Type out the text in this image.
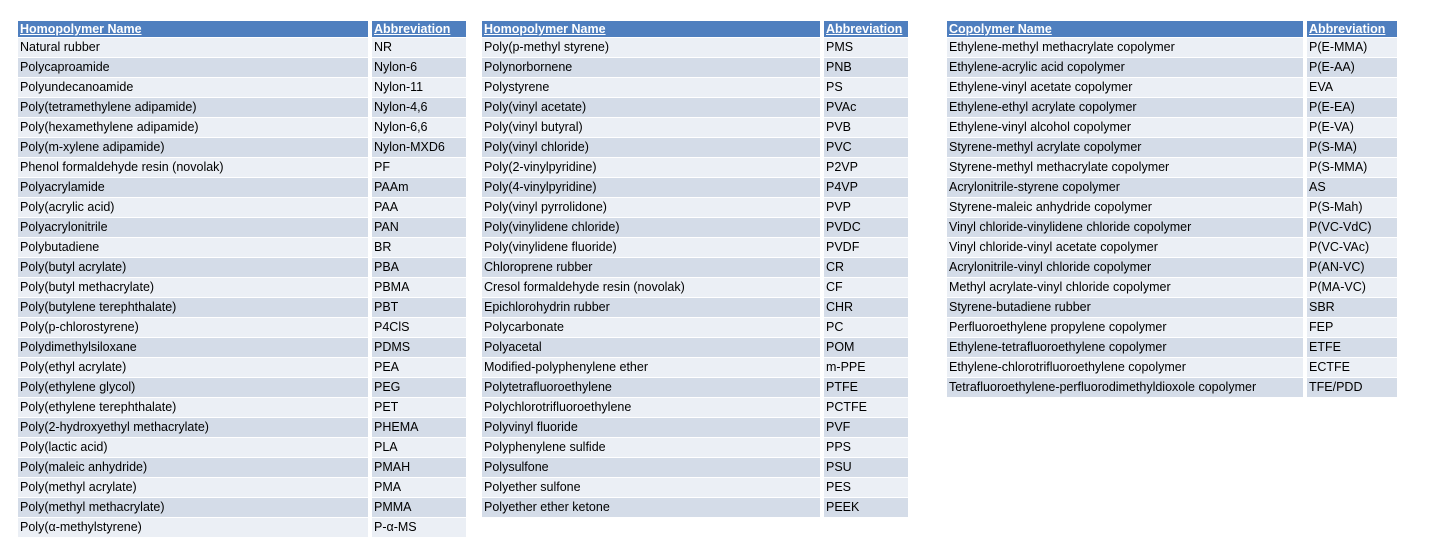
Homopolymer Name	Abbreviation
Natural rubber	NR
Polycaproamide	Nylon-6
Polyundecanoamide	Nylon-11
Poly(tetramethylene adipamide)	Nylon-4,6
Poly(hexamethylene adipamide)	Nylon-6,6
Poly(m-xylene adipamide)	Nylon-MXD6
Phenol formaldehyde resin (novolak)	PF
Polyacrylamide	PAAm
Poly(acrylic acid)	PAA
Polyacrylonitrile	PAN
Polybutadiene	BR
Poly(butyl acrylate)	PBA
Poly(butyl methacrylate)	PBMA
Poly(butylene terephthalate)	PBT
Poly(p-chlorostyrene)	P4ClS
Polydimethylsiloxane	PDMS
Poly(ethyl acrylate)	PEA
Poly(ethylene glycol)	PEG
Poly(ethylene terephthalate)	PET
Poly(2-hydroxyethyl methacrylate)	PHEMA
Poly(lactic acid)	PLA
Poly(maleic anhydride)	PMAH
Poly(methyl acrylate)	PMA
Poly(methyl methacrylate)	PMMA
Poly(α-methylstyrene)	P-α-MS
Homopolymer Name	Abbreviation
Poly(p-methyl styrene)	PMS
Polynorbornene	PNB
Polystyrene	PS
Poly(vinyl acetate)	PVAc
Poly(vinyl butyral)	PVB
Poly(vinyl chloride)	PVC
Poly(2-vinylpyridine)	P2VP
Poly(4-vinylpyridine)	P4VP
Poly(vinyl pyrrolidone)	PVP
Poly(vinylidene chloride)	PVDC
Poly(vinylidene fluoride)	PVDF
Chloroprene rubber	CR
Cresol formaldehyde resin (novolak)	CF
Epichlorohydrin rubber	CHR
Polycarbonate	PC
Polyacetal	POM
Modified-polyphenylene ether	m-PPE
Polytetrafluoroethylene	PTFE
Polychlorotrifluoroethylene	PCTFE
Polyvinyl fluoride	PVF
Polyphenylene sulfide	PPS
Polysulfone	PSU
Polyether sulfone	PES
Polyether ether ketone	PEEK
Copolymer Name	Abbreviation
Ethylene-methyl methacrylate copolymer	P(E-MMA)
Ethylene-acrylic acid copolymer	P(E-AA)
Ethylene-vinyl acetate copolymer	EVA
Ethylene-ethyl acrylate copolymer	P(E-EA)
Ethylene-vinyl alcohol copolymer	P(E-VA)
Styrene-methyl acrylate copolymer	P(S-MA)
Styrene-methyl methacrylate copolymer	P(S-MMA)
Acrylonitrile-styrene copolymer	AS
Styrene-maleic anhydride copolymer	P(S-Mah)
Vinyl chloride-vinylidene chloride copolymer	P(VC-VdC)
Vinyl chloride-vinyl acetate copolymer	P(VC-VAc)
Acrylonitrile-vinyl chloride copolymer	P(AN-VC)
Methyl acrylate-vinyl chloride copolymer	P(MA-VC)
Styrene-butadiene rubber	SBR
Perfluoroethylene propylene copolymer	FEP
Ethylene-tetrafluoroethylene copolymer	ETFE
Ethylene-chlorotrifluoroethylene copolymer	ECTFE
Tetrafluoroethylene-perfluorodimethyldioxole copolymer	TFE/PDD
